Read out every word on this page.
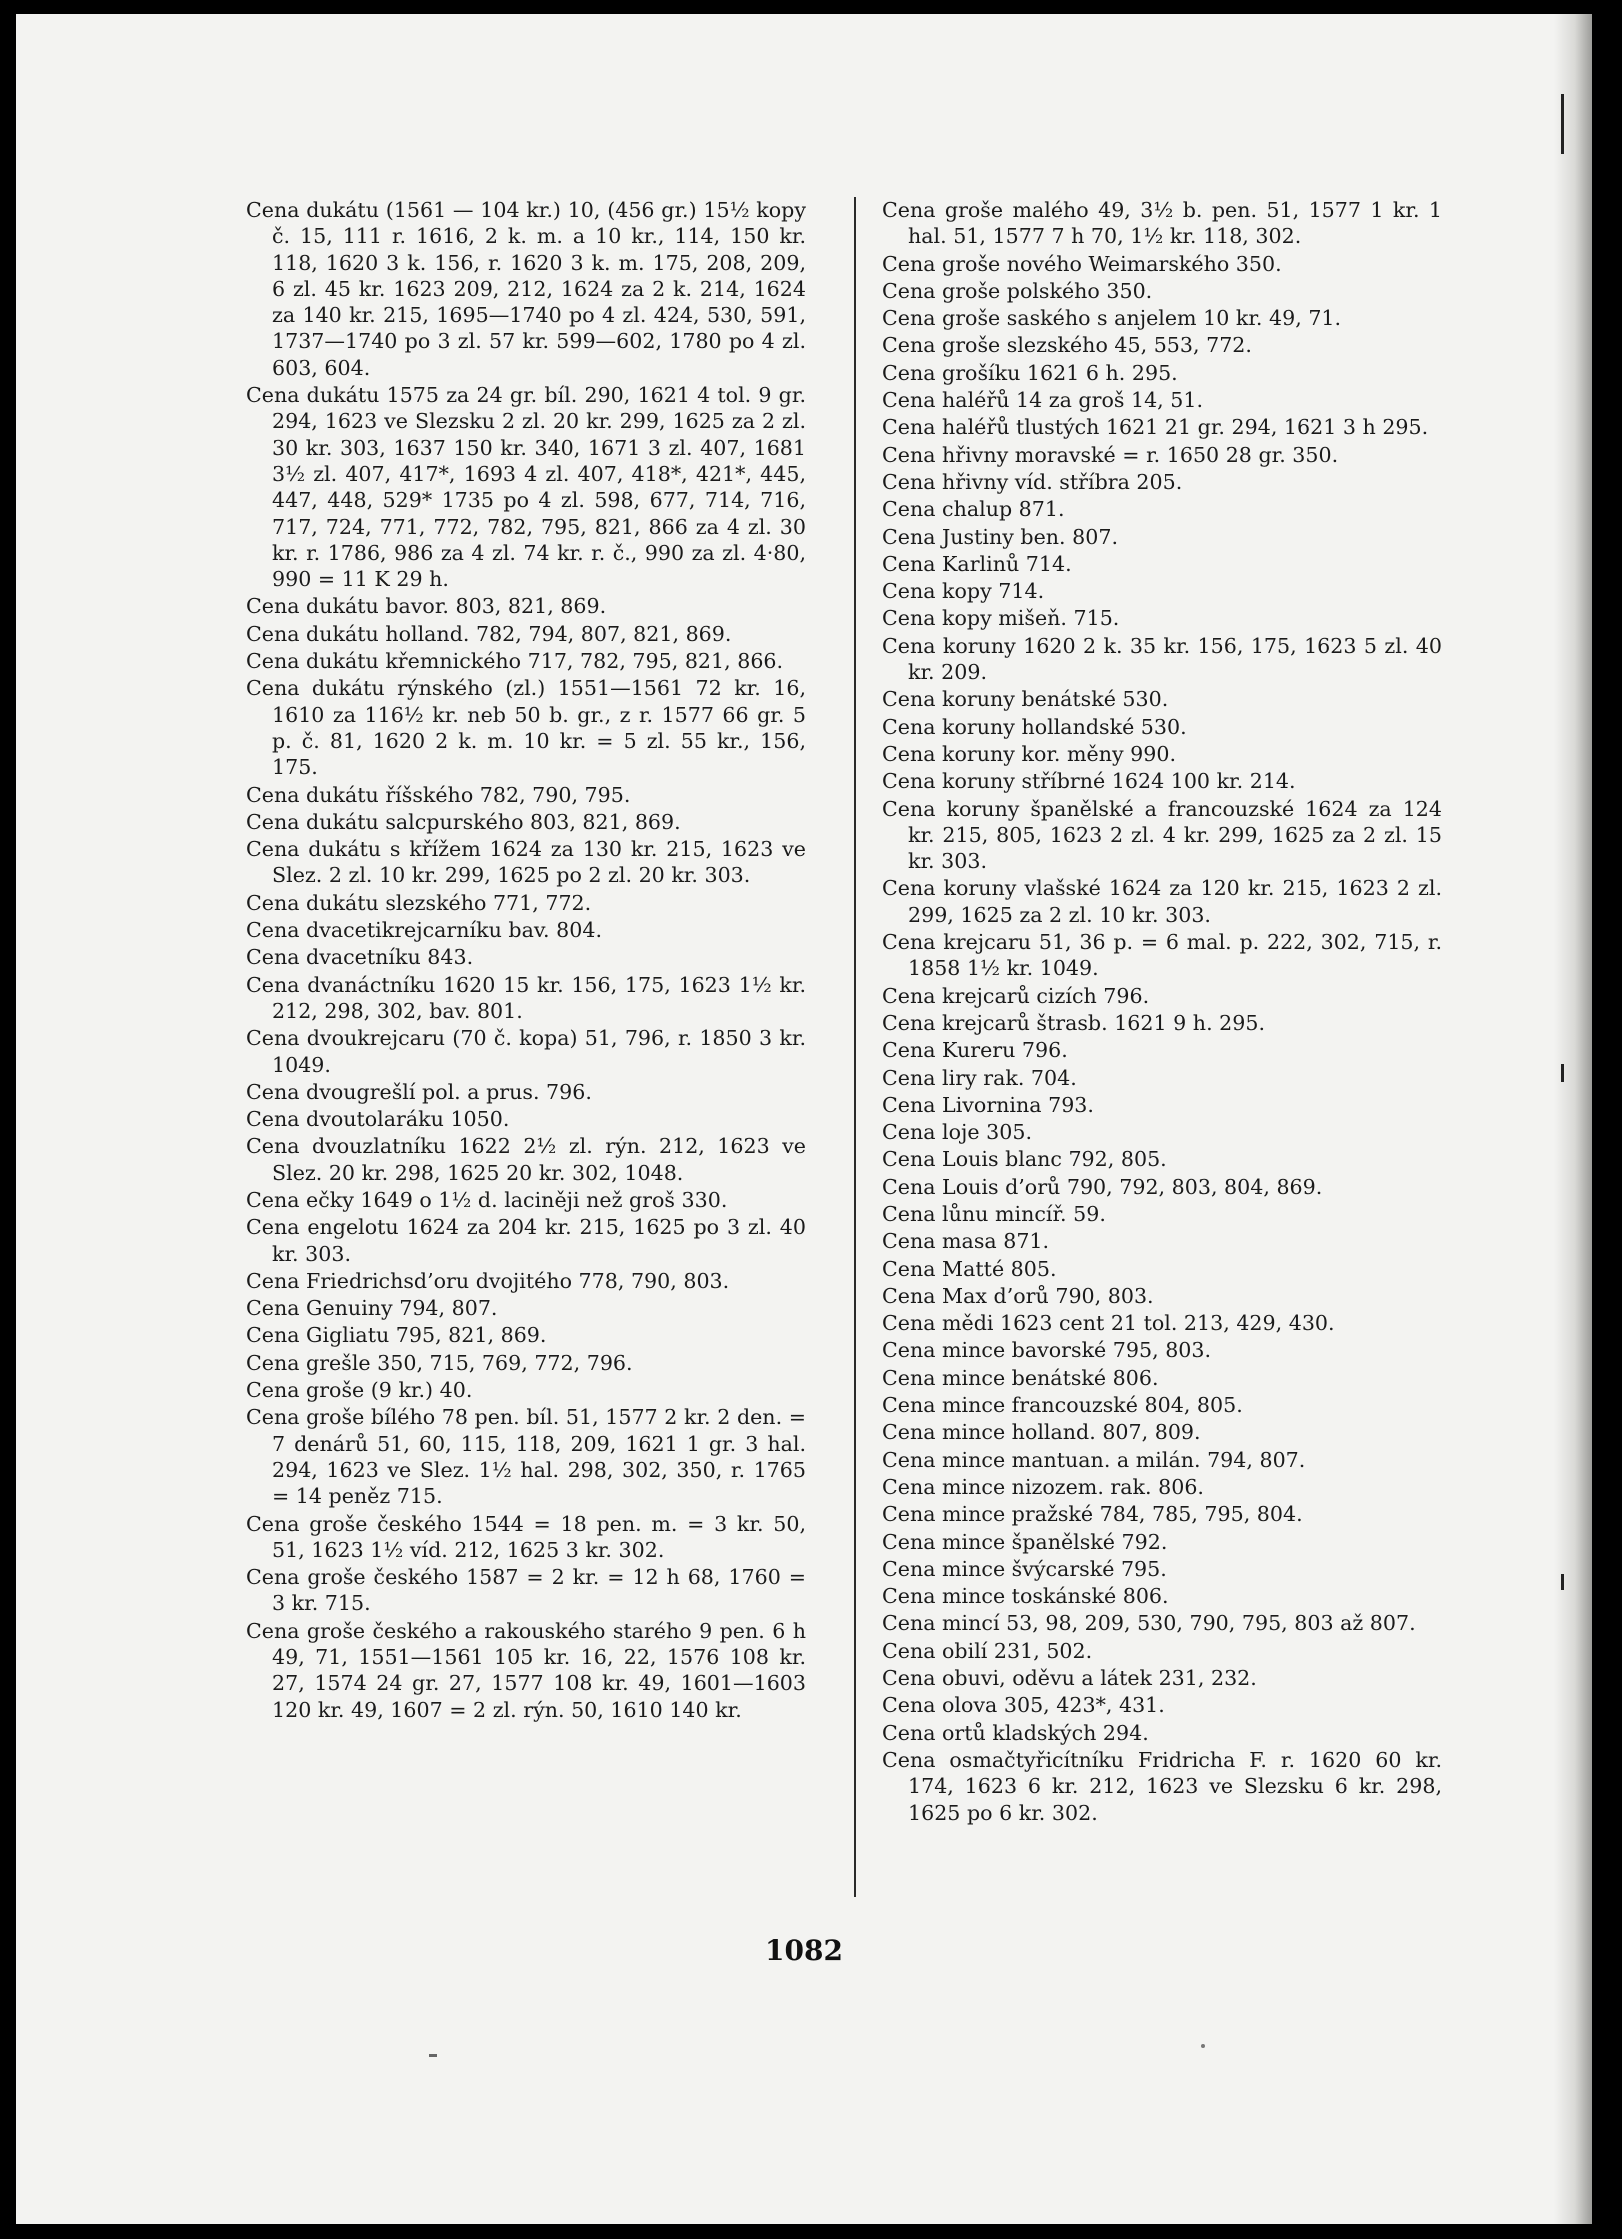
Cena dukátu (1561 — 104 kr.) 10, (456 gr.) 15½ kopy č. 15, 111 r. 1616, 2 k. m. a 10 kr., 114, 150 kr. 118, 1620 3 k. 156, r. 1620 3 k. m. 175, 208, 209, 6 zl. 45 kr. 1623 209, 212, 1624 za 2 k. 214, 1624 za 140 kr. 215, 1695—1740 po 4 zl. 424, 530, 591, 1737—1740 po 3 zl. 57 kr. 599—602, 1780 po 4 zl. 603, 604.
Cena dukátu 1575 za 24 gr. bíl. 290, 1621 4 tol. 9 gr. 294, 1623 ve Slezsku 2 zl. 20 kr. 299, 1625 za 2 zl. 30 kr. 303, 1637 150 kr. 340, 1671 3 zl. 407, 1681 3½ zl. 407, 417*, 1693 4 zl. 407, 418*, 421*, 445, 447, 448, 529* 1735 po 4 zl. 598, 677, 714, 716, 717, 724, 771, 772, 782, 795, 821, 866 za 4 zl. 30 kr. r. 1786, 986 za 4 zl. 74 kr. r. č., 990 za zl. 4·80, 990 = 11 K 29 h.
Cena dukátu bavor. 803, 821, 869.
Cena dukátu holland. 782, 794, 807, 821, 869.
Cena dukátu křemnického 717, 782, 795, 821, 866.
Cena dukátu rýnského (zl.) 1551—1561 72 kr. 16, 1610 za 116½ kr. neb 50 b. gr., z r. 1577 66 gr. 5 p. č. 81, 1620 2 k. m. 10 kr. = 5 zl. 55 kr., 156, 175.
Cena dukátu říšského 782, 790, 795.
Cena dukátu salcpurského 803, 821, 869.
Cena dukátu s křížem 1624 za 130 kr. 215, 1623 ve Slez. 2 zl. 10 kr. 299, 1625 po 2 zl. 20 kr. 303.
Cena dukátu slezského 771, 772.
Cena dvacetikrejcarníku bav. 804.
Cena dvacetníku 843.
Cena dvanáctníku 1620 15 kr. 156, 175, 1623 1½ kr. 212, 298, 302, bav. 801.
Cena dvoukrejcaru (70 č. kopa) 51, 796, r. 1850 3 kr. 1049.
Cena dvougrešlí pol. a prus. 796.
Cena dvoutolaráku 1050.
Cena dvouzlatníku 1622 2½ zl. rýn. 212, 1623 ve Slez. 20 kr. 298, 1625 20 kr. 302, 1048.
Cena ečky 1649 o 1½ d. laciněji než groš 330.
Cena engelotu 1624 za 204 kr. 215, 1625 po 3 zl. 40 kr. 303.
Cena Friedrichsd’oru dvojitého 778, 790, 803.
Cena Genuiny 794, 807.
Cena Gigliatu 795, 821, 869.
Cena grešle 350, 715, 769, 772, 796.
Cena groše (9 kr.) 40.
Cena groše bílého 78 pen. bíl. 51, 1577 2 kr. 2 den. = 7 denárů 51, 60, 115, 118, 209, 1621 1 gr. 3 hal. 294, 1623 ve Slez. 1½ hal. 298, 302, 350, r. 1765 = 14 peněz 715.
Cena groše českého 1544 = 18 pen. m. = 3 kr. 50, 51, 1623 1½ víd. 212, 1625 3 kr. 302.
Cena groše českého 1587 = 2 kr. = 12 h 68, 1760 = 3 kr. 715.
Cena groše českého a rakouského starého 9 pen. 6 h 49, 71, 1551—1561 105 kr. 16, 22, 1576 108 kr. 27, 1574 24 gr. 27, 1577 108 kr. 49, 1601—1603 120 kr. 49, 1607 = 2 zl. rýn. 50, 1610 140 kr.
Cena groše malého 49, 3½ b. pen. 51, 1577 1 kr. 1 hal. 51, 1577 7 h 70, 1½ kr. 118, 302.
Cena groše nového Weimarského 350.
Cena groše polského 350.
Cena groše saského s anjelem 10 kr. 49, 71.
Cena groše slezského 45, 553, 772.
Cena grošíku 1621 6 h. 295.
Cena haléřů 14 za groš 14, 51.
Cena haléřů tlustých 1621 21 gr. 294, 1621 3 h 295.
Cena hřivny moravské = r. 1650 28 gr. 350.
Cena hřivny víd. stříbra 205.
Cena chalup 871.
Cena Justiny ben. 807.
Cena Karlinů 714.
Cena kopy 714.
Cena kopy mišeň. 715.
Cena koruny 1620 2 k. 35 kr. 156, 175, 1623 5 zl. 40 kr. 209.
Cena koruny benátské 530.
Cena koruny hollandské 530.
Cena koruny kor. měny 990.
Cena koruny stříbrné 1624 100 kr. 214.
Cena koruny španělské a francouzské 1624 za 124 kr. 215, 805, 1623 2 zl. 4 kr. 299, 1625 za 2 zl. 15 kr. 303.
Cena koruny vlašské 1624 za 120 kr. 215, 1623 2 zl. 299, 1625 za 2 zl. 10 kr. 303.
Cena krejcaru 51, 36 p. = 6 mal. p. 222, 302, 715, r. 1858 1½ kr. 1049.
Cena krejcarů cizích 796.
Cena krejcarů štrasb. 1621 9 h. 295.
Cena Kureru 796.
Cena liry rak. 704.
Cena Livornina 793.
Cena loje 305.
Cena Louis blanc 792, 805.
Cena Louis d’orů 790, 792, 803, 804, 869.
Cena lůnu mincíř. 59.
Cena masa 871.
Cena Matté 805.
Cena Max d’orů 790, 803.
Cena mědi 1623 cent 21 tol. 213, 429, 430.
Cena mince bavorské 795, 803.
Cena mince benátské 806.
Cena mince francouzské 804, 805.
Cena mince holland. 807, 809.
Cena mince mantuan. a milán. 794, 807.
Cena mince nizozem. rak. 806.
Cena mince pražské 784, 785, 795, 804.
Cena mince španělské 792.
Cena mince švýcarské 795.
Cena mince toskánské 806.
Cena mincí 53, 98, 209, 530, 790, 795, 803 až 807.
Cena obilí 231, 502.
Cena obuvi, oděvu a látek 231, 232.
Cena olova 305, 423*, 431.
Cena ortů kladských 294.
Cena osmačtyřicítníku Fridricha F. r. 1620 60 kr. 174, 1623 6 kr. 212, 1623 ve Slezsku 6 kr. 298, 1625 po 6 kr. 302.
1082
